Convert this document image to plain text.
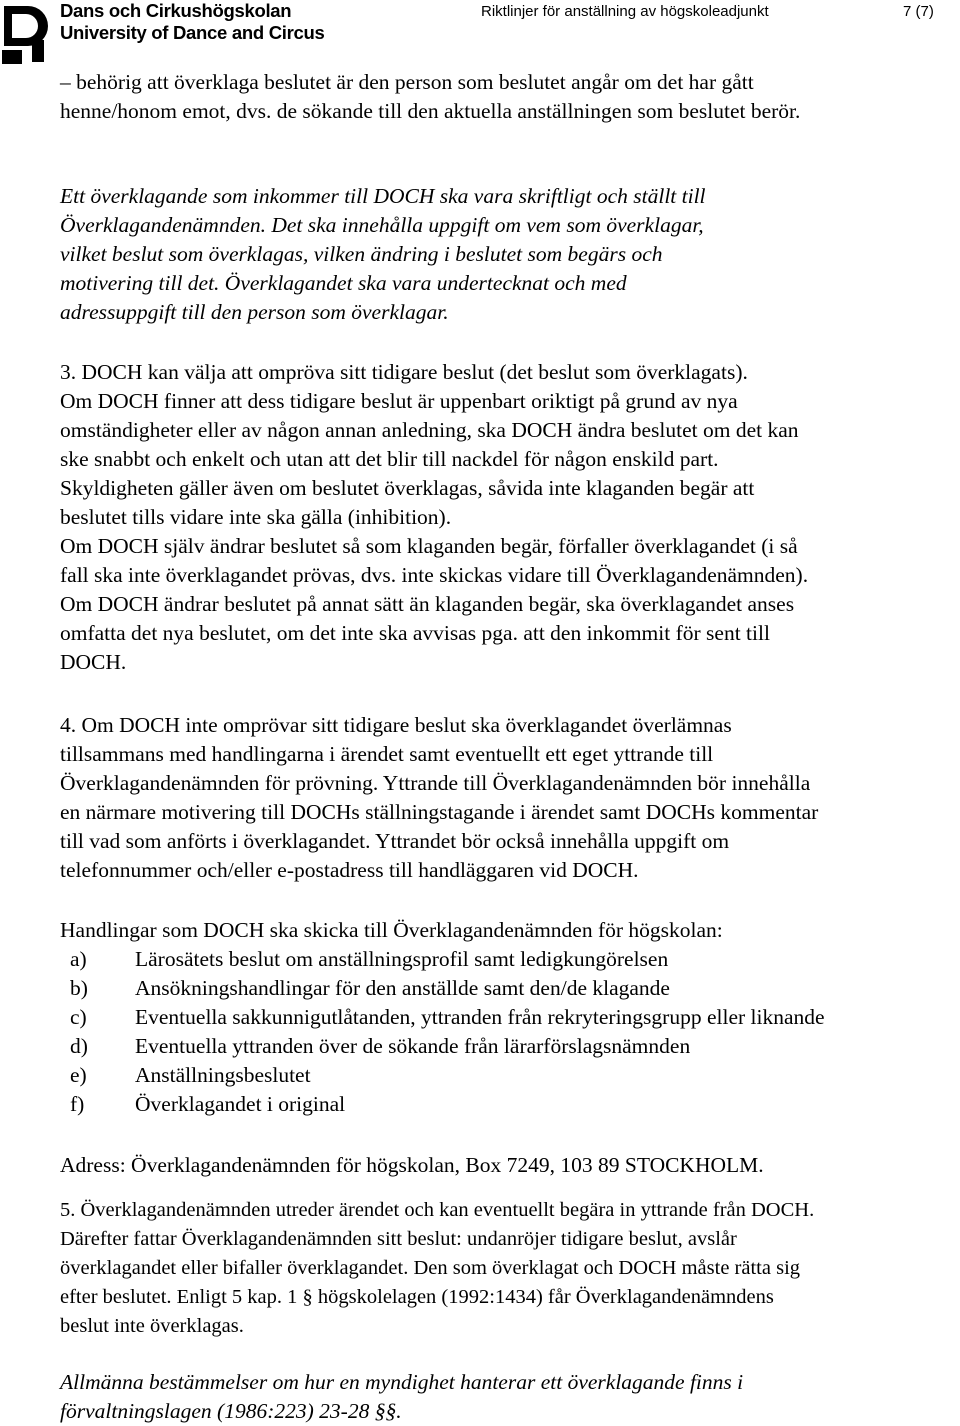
Dans och Cirkushögskolan
University of Dance and Circus
Riktlinjer för anställning av högskoleadjunkt	7 (7)
– behörig att överklaga beslutet är den person som beslutet angår om det har gått
henne/honom emot, dvs. de sökande till den aktuella anställningen som beslutet berör.
Ett överklagande som inkommer till DOCH ska vara skriftligt och ställt till
Överklagandenämnden. Det ska innehålla uppgift om vem som överklagar,
vilket beslut som överklagas, vilken ändring i beslutet som begärs och
motivering till det. Överklagandet ska vara undertecknat och med
adressuppgift till den person som överklagar.
3. DOCH kan välja att ompröva sitt tidigare beslut (det beslut som överklagats).
Om DOCH finner att dess tidigare beslut är uppenbart oriktigt på grund av nya
omständigheter eller av någon annan anledning, ska DOCH ändra beslutet om det kan
ske snabbt och enkelt och utan att det blir till nackdel för någon enskild part.
Skyldigheten gäller även om beslutet överklagas, såvida inte klaganden begär att
beslutet tills vidare inte ska gälla (inhibition).
Om DOCH själv ändrar beslutet så som klaganden begär, förfaller överklagandet (i så
fall ska inte överklagandet prövas, dvs. inte skickas vidare till Överklagandenämnden).
Om DOCH ändrar beslutet på annat sätt än klaganden begär, ska överklagandet anses
omfatta det nya beslutet, om det inte ska avvisas pga. att den inkommit för sent till
DOCH.
4. Om DOCH inte omprövar sitt tidigare beslut ska överklagandet överlämnas
tillsammans med handlingarna i ärendet samt eventuellt ett eget yttrande till
Överklagandenämnden för prövning. Yttrande till Överklagandenämnden bör innehålla
en närmare motivering till DOCHs ställningstagande i ärendet samt DOCHs kommentar
till vad som anförts i överklagandet. Yttrandet bör också innehålla uppgift om
telefonnummer och/eller e-postadress till handläggaren vid DOCH.
Handlingar som DOCH ska skicka till Överklagandenämnden för högskolan:
a) Lärosätets beslut om anställningsprofil samt ledigkungörelsen
b) Ansökningshandlingar för den anställde samt den/de klagande
c) Eventuella sakkunnigutlåtanden, yttranden från rekryteringsgrupp eller liknande
d) Eventuella yttranden över de sökande från lärarförslagsnämnden
e) Anställningsbeslutet
f) Överklagandet i original
Adress: Överklagandenämnden för högskolan, Box 7249, 103 89 STOCKHOLM.
5. Överklagandenämnden utreder ärendet och kan eventuellt begära in yttrande från DOCH.
Därefter fattar Överklagandenämnden sitt beslut: undanröjer tidigare beslut, avslår
överklagandet eller bifaller överklagandet. Den som överklagat och DOCH måste rätta sig
efter beslutet. Enligt 5 kap. 1 § högskolelagen (1992:1434) får Överklagandenämndens
beslut inte överklagas.
Allmänna bestämmelser om hur en myndighet hanterar ett överklagande finns i
förvaltningslagen (1986:223) 23-28 §§.
